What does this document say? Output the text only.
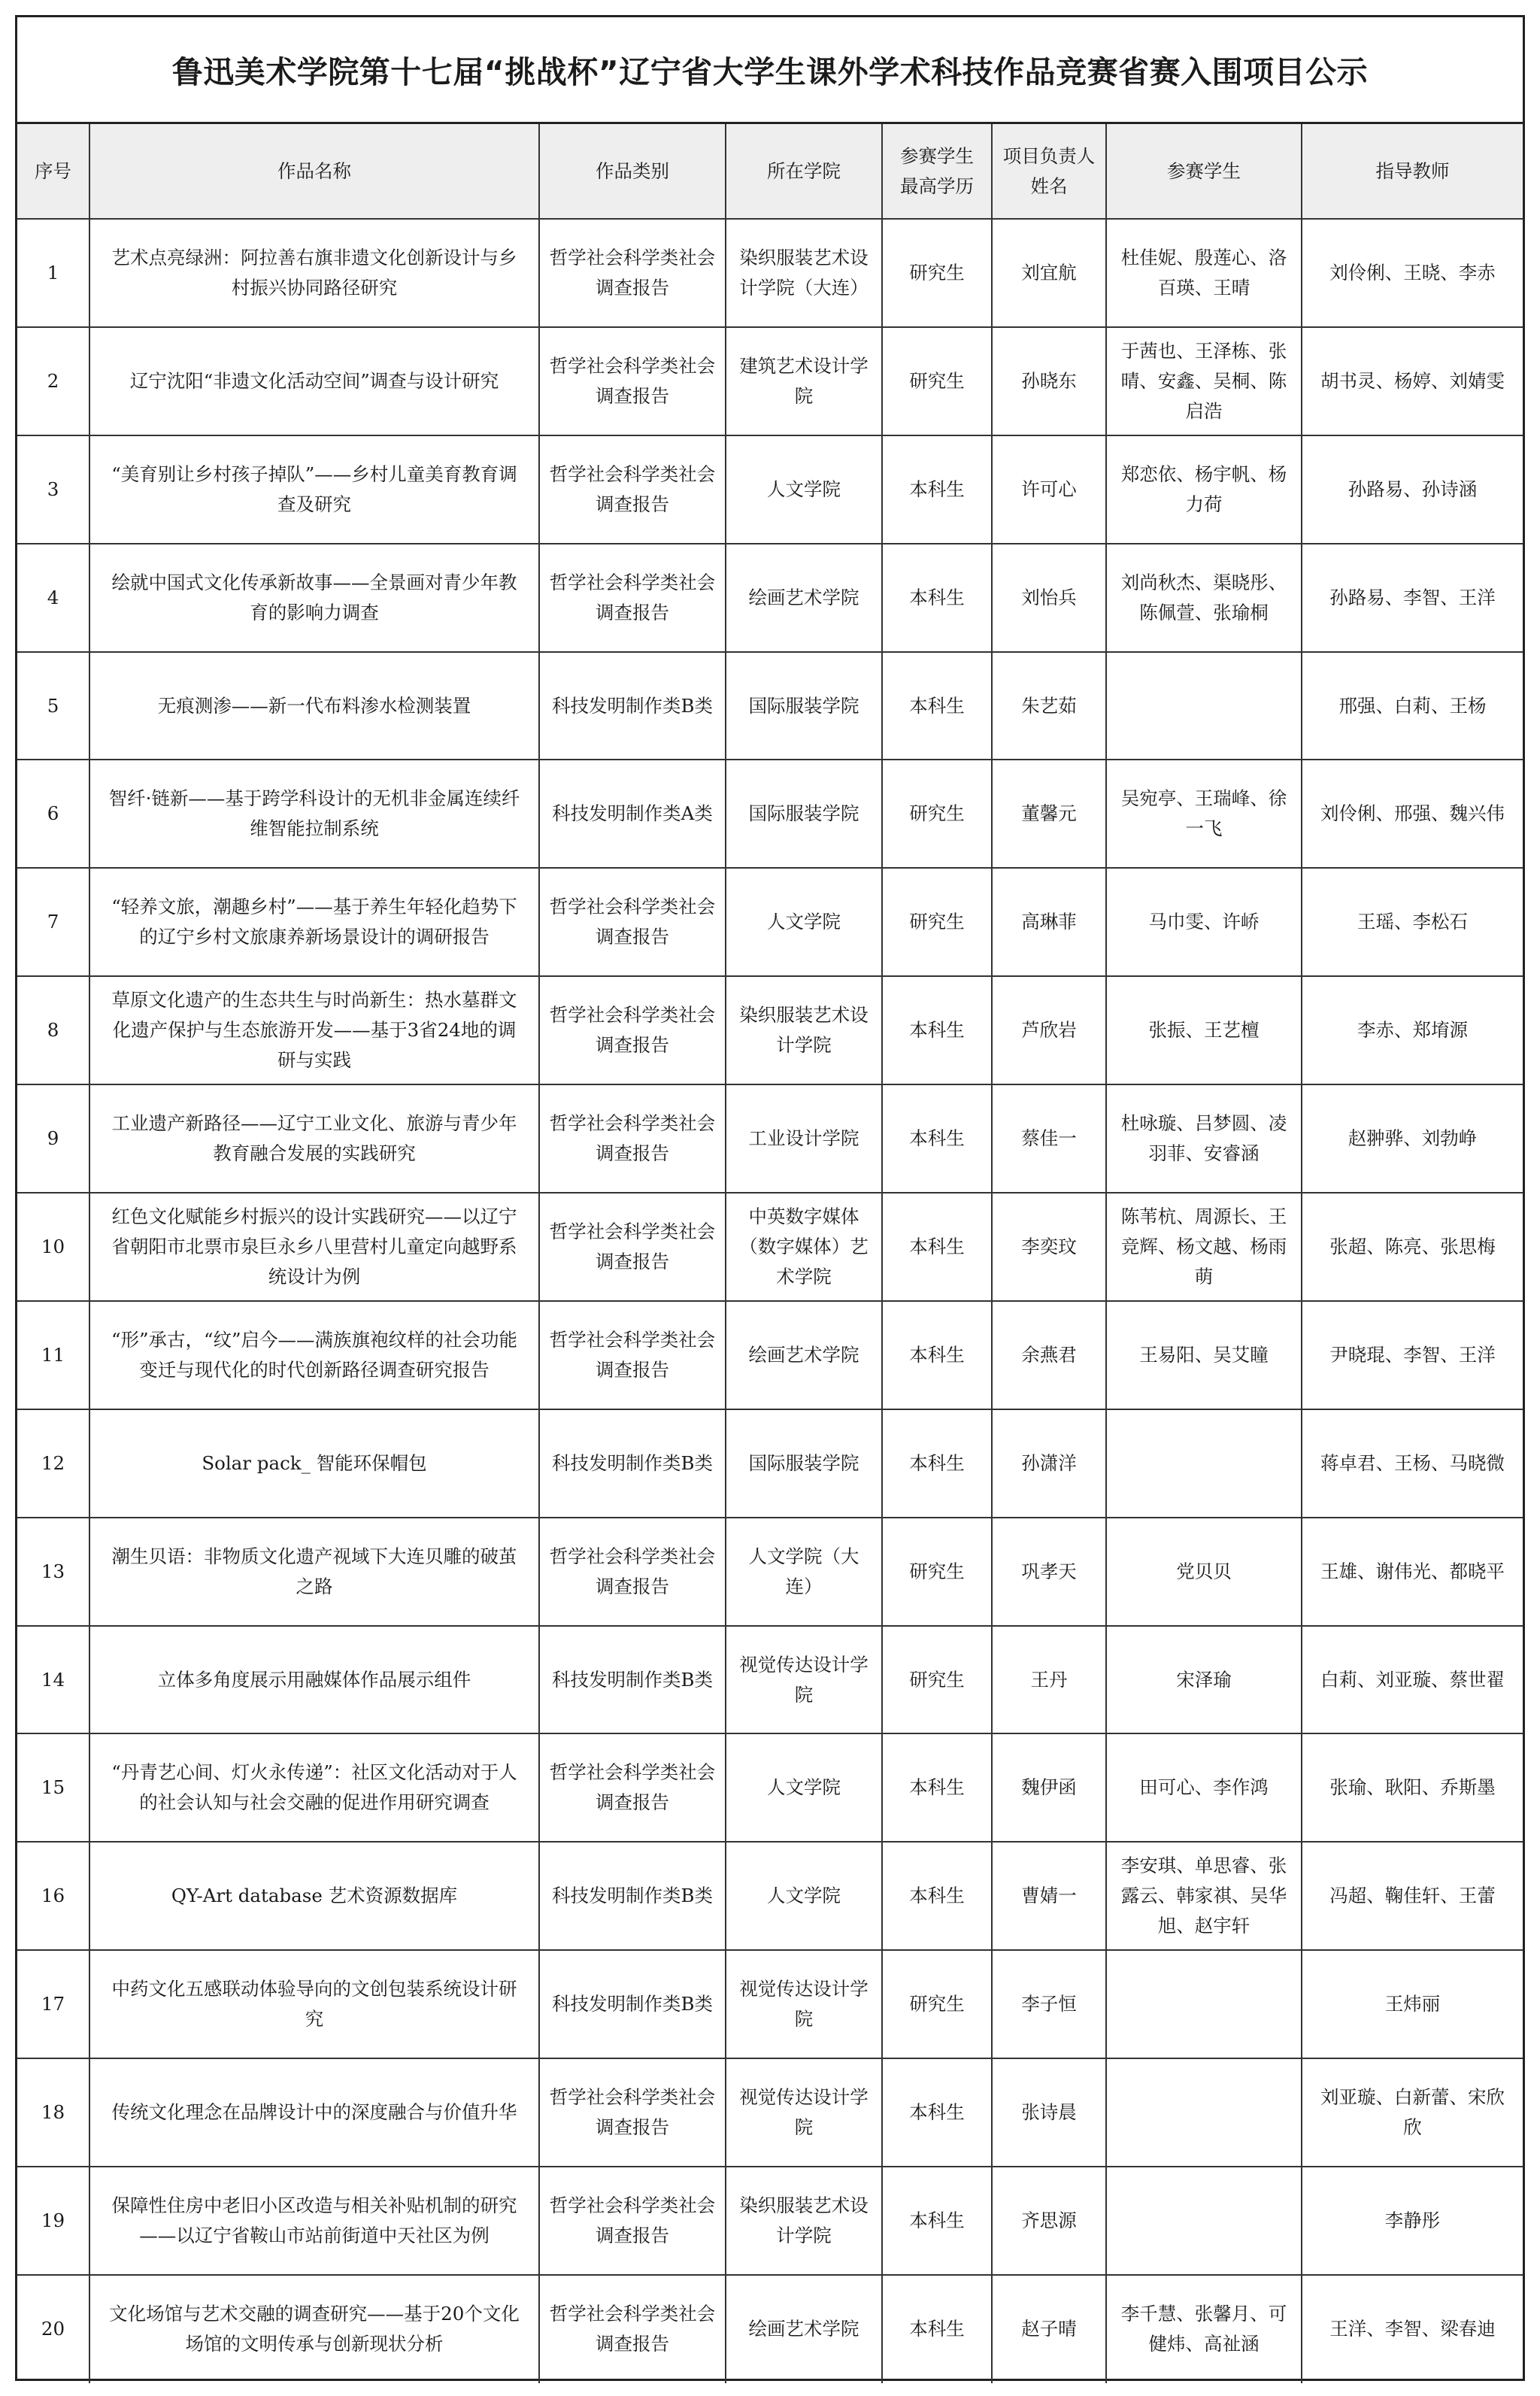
鲁迅美术学院第十七届“挑战杯”辽宁省大学生课外学术科技作品竞赛省赛入围项目公示
序号	作品名称	作品类别	所在学院	参赛学生最高学历	项目负责人姓名	参赛学生	指导教师
1	艺术点亮绿洲：阿拉善右旗非遗文化创新设计与乡村振兴协同路径研究	哲学社会科学类社会调查报告	染织服装艺术设计学院（大连）	研究生	刘宜航	杜佳妮、殷莲心、洛百瑛、王晴	刘伶俐、王晓、李赤
2	辽宁沈阳“非遗文化活动空间”调查与设计研究	哲学社会科学类社会调查报告	建筑艺术设计学院	研究生	孙晓东	于茜也、王泽栋、张晴、安鑫、吴桐、陈启浩	胡书灵、杨婷、刘婧雯
3	“美育别让乡村孩子掉队”——乡村儿童美育教育调查及研究	哲学社会科学类社会调查报告	人文学院	本科生	许可心	郑恋依、杨宇帆、杨力荷	孙路易、孙诗涵
4	绘就中国式文化传承新故事——全景画对青少年教育的影响力调查	哲学社会科学类社会调查报告	绘画艺术学院	本科生	刘怡兵	刘尚秋杰、渠晓彤、陈佩萱、张瑜桐	孙路易、李智、王洋
5	无痕测渗——新一代布料渗水检测装置	科技发明制作类B类	国际服装学院	本科生	朱艺茹		邢强、白莉、王杨
6	智纤·链新——基于跨学科设计的无机非金属连续纤维智能拉制系统	科技发明制作类A类	国际服装学院	研究生	董馨元	吴宛亭、王瑞峰、徐一飞	刘伶俐、邢强、魏兴伟
7	“轻养文旅，潮趣乡村”——基于养生年轻化趋势下的辽宁乡村文旅康养新场景设计的调研报告	哲学社会科学类社会调查报告	人文学院	研究生	高琳菲	马巾雯、许峤	王瑶、李松石
8	草原文化遗产的生态共生与时尚新生：热水墓群文化遗产保护与生态旅游开发——基于3省24地的调研与实践	哲学社会科学类社会调查报告	染织服装艺术设计学院	本科生	芦欣岩	张振、王艺檀	李赤、郑堉源
9	工业遗产新路径——辽宁工业文化、旅游与青少年教育融合发展的实践研究	哲学社会科学类社会调查报告	工业设计学院	本科生	蔡佳一	杜咏璇、吕梦圆、凌羽菲、安睿涵	赵翀骅、刘勃峥
10	红色文化赋能乡村振兴的设计实践研究——以辽宁省朝阳市北票市泉巨永乡八里营村儿童定向越野系统设计为例	哲学社会科学类社会调查报告	中英数字媒体（数字媒体）艺术学院	本科生	李奕玟	陈苇杭、周源长、王竞辉、杨文越、杨雨萌	张超、陈亮、张思梅
11	“形”承古，“纹”启今——满族旗袍纹样的社会功能变迁与现代化的时代创新路径调查研究报告	哲学社会科学类社会调查报告	绘画艺术学院	本科生	余燕君	王易阳、吴艾瞳	尹晓琨、李智、王洋
12	Solar pack_ 智能环保帽包	科技发明制作类B类	国际服装学院	本科生	孙潇洋		蒋卓君、王杨、马晓微
13	潮生贝语：非物质文化遗产视域下大连贝雕的破茧之路	哲学社会科学类社会调查报告	人文学院（大连）	研究生	巩孝天	党贝贝	王雄、谢伟光、都晓平
14	立体多角度展示用融媒体作品展示组件	科技发明制作类B类	视觉传达设计学院	研究生	王丹	宋泽瑜	白莉、刘亚璇、蔡世翟
15	“丹青艺心间、灯火永传递”：社区文化活动对于人的社会认知与社会交融的促进作用研究调查	哲学社会科学类社会调查报告	人文学院	本科生	魏伊函	田可心、李作鸿	张瑜、耿阳、乔斯墨
16	QY-Art database 艺术资源数据库	科技发明制作类B类	人文学院	本科生	曹婧一	李安琪、单思睿、张露云、韩家祺、吴华旭、赵宇轩	冯超、鞠佳轩、王蕾
17	中药文化五感联动体验导向的文创包装系统设计研究	科技发明制作类B类	视觉传达设计学院	研究生	李子恒		王炜丽
18	传统文化理念在品牌设计中的深度融合与价值升华	哲学社会科学类社会调查报告	视觉传达设计学院	本科生	张诗晨		刘亚璇、白新蕾、宋欣欣
19	保障性住房中老旧小区改造与相关补贴机制的研究——以辽宁省鞍山市站前街道中天社区为例	哲学社会科学类社会调查报告	染织服装艺术设计学院	本科生	齐思源		李静彤
20	文化场馆与艺术交融的调查研究——基于20个文化场馆的文明传承与创新现状分析	哲学社会科学类社会调查报告	绘画艺术学院	本科生	赵子晴	李千慧、张馨月、可健炜、高祉涵	王洋、李智、梁春迪
